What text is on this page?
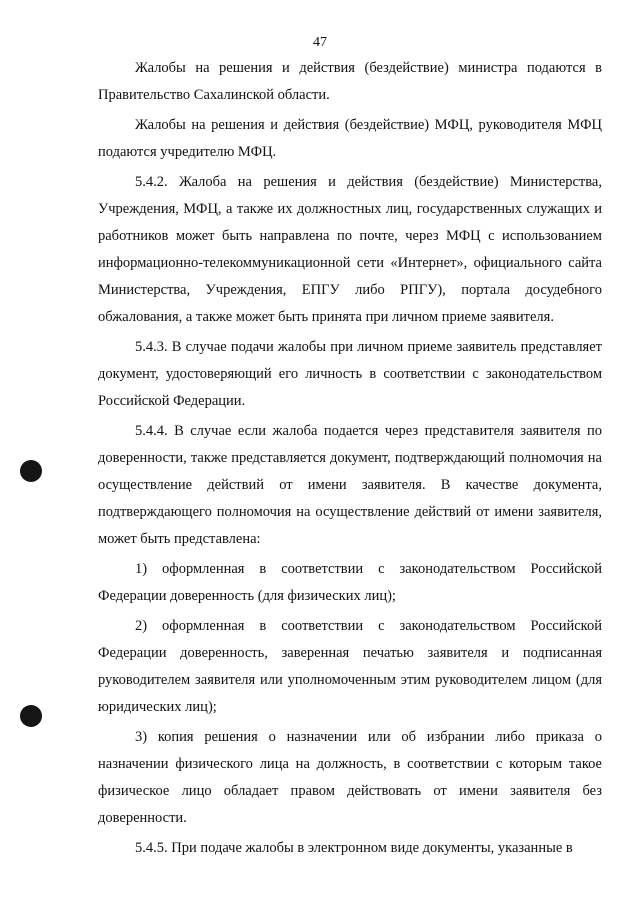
47

Жалобы на решения и действия (бездействие) министра подаются в Правительство Сахалинской области.

Жалобы на решения и действия (бездействие) МФЦ, руководителя МФЦ подаются учредителю МФЦ.

5.4.2. Жалоба на решения и действия (бездействие) Министерства, Учреждения, МФЦ, а также их должностных лиц, государственных служащих и работников может быть направлена по почте, через МФЦ с использованием информационно-телекоммуникационной сети «Интернет», официального сайта Министерства, Учреждения, ЕПГУ либо РПГУ), портала досудебного обжалования, а также может быть принята при личном приеме заявителя.

5.4.3. В случае подачи жалобы при личном приеме заявитель представляет документ, удостоверяющий его личность в соответствии с законодательством Российской Федерации.

5.4.4. В случае если жалоба подается через представителя заявителя по доверенности, также представляется документ, подтверждающий полномочия на осуществление действий от имени заявителя. В качестве документа, подтверждающего полномочия на осуществление действий от имени заявителя, может быть представлена:

1) оформленная в соответствии с законодательством Российской Федерации доверенность (для физических лиц);

2) оформленная в соответствии с законодательством Российской Федерации доверенность, заверенная печатью заявителя и подписанная руководителем заявителя или уполномоченным этим руководителем лицом (для юридических лиц);

3) копия решения о назначении или об избрании либо приказа о назначении физического лица на должность, в соответствии с которым такое физическое лицо обладает правом действовать от имени заявителя без доверенности.

5.4.5. При подаче жалобы в электронном виде документы, указанные в
